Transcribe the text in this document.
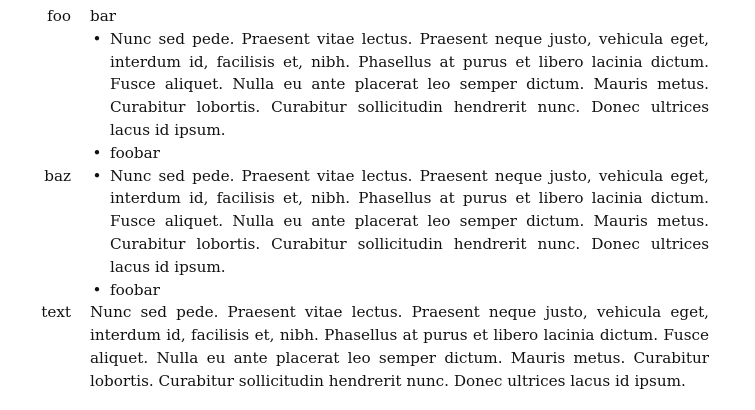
foo bar

• Nunc sed pede. Praesent vitae lectus. Praesent neque justo, vehicula eget, interdum id, facilisis et, nibh. Phasellus at purus et libero lacinia dictum. Fusce aliquet. Nulla eu ante placerat leo semper dictum. Mauris metus. Curabitur lobortis. Curabitur sollicitudin hendrerit nunc. Donec ultrices lacus id ipsum.
• foobar
baz • Nunc sed pede. Praesent vitae lectus. Praesent neque justo, vehicula eget, interdum id, facilisis et, nibh. Phasellus at purus et libero lacinia dictum. Fusce aliquet. Nulla eu ante placerat leo semper dictum. Mauris metus. Curabitur lobortis. Curabitur sollicitudin hendrerit nunc. Donec ultrices lacus id ipsum.
• foobar
text Nunc sed pede. Praesent vitae lectus. Praesent neque justo, vehicula eget, interdum id, facilisis et, nibh. Phasellus at purus et libero lacinia dictum. Fusce aliquet. Nulla eu ante placerat leo semper dictum. Mauris metus. Curabitur lobortis. Curabitur sollicitudin hendrerit nunc. Donec ultrices lacus id ipsum.
